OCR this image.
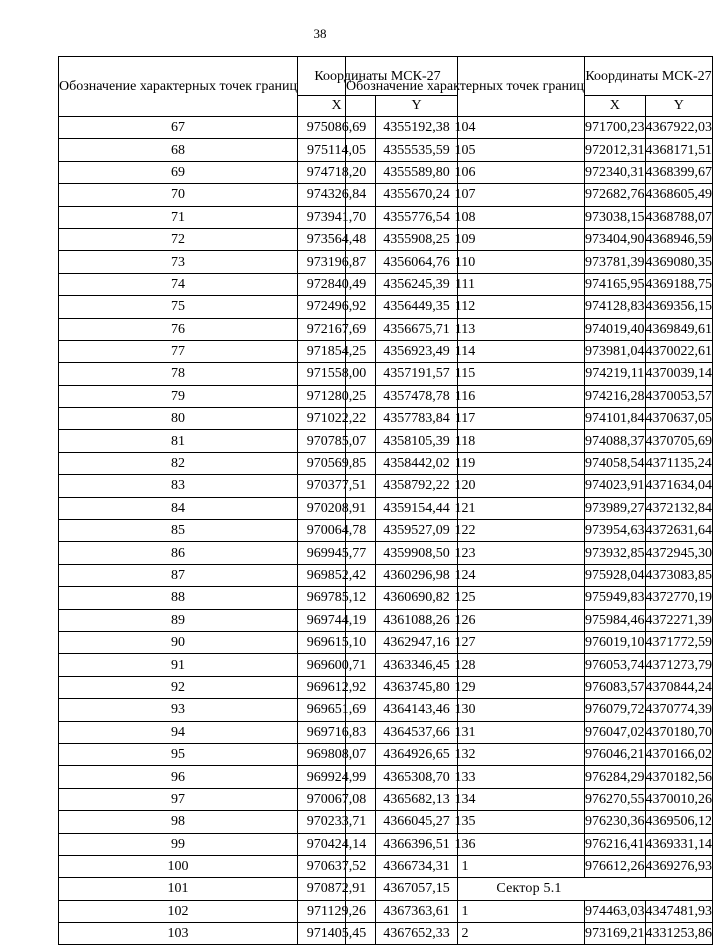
38
Обозначение характерных точек границ	Координаты МСК-27	
	X	Y
67	975086,69	4355192,38
68	975114,05	4355535,59
69	974718,20	4355589,80
70	974326,84	4355670,24
71	973941,70	4355776,54
72	973564,48	4355908,25
73	973196,87	4356064,76
74	972840,49	4356245,39
75	972496,92	4356449,35
76	972167,69	4356675,71
77	971854,25	4356923,49
78	971558,00	4357191,57
79	971280,25	4357478,78
80	971022,22	4357783,84
81	970785,07	4358105,39
82	970569,85	4358442,02
83	970377,51	4358792,22
84	970208,91	4359154,44
85	970064,78	4359527,09
86	969945,77	4359908,50
87	969852,42	4360296,98
88	969785,12	4360690,82
89	969744,19	4361088,26
90	969615,10	4362947,16
91	969600,71	4363346,45
92	969612,92	4363745,80
93	969651,69	4364143,46
94	969716,83	4364537,66
95	969808,07	4364926,65
96	969924,99	4365308,70
97	970067,08	4365682,13
98	970233,71	4366045,27
99	970424,14	4366396,51
100	970637,52	4366734,31
101	970872,91	4367057,15
102	971129,26	4367363,61
103	971405,45	4367652,33
Обозначение характерных точек границ	Координаты МСК-27	
	X	Y
104	971700,23	4367922,03
105	972012,31	4368171,51
106	972340,31	4368399,67
107	972682,76	4368605,49
108	973038,15	4368788,07
109	973404,90	4368946,59
110	973781,39	4369080,35
111	974165,95	4369188,75
112	974128,83	4369356,15
113	974019,40	4369849,61
114	973981,04	4370022,61
115	974219,11	4370039,14
116	974216,28	4370053,57
117	974101,84	4370637,05
118	974088,37	4370705,69
119	974058,54	4371135,24
120	974023,91	4371634,04
121	973989,27	4372132,84
122	973954,63	4372631,64
123	973932,85	4372945,30
124	975928,04	4373083,85
125	975949,83	4372770,19
126	975984,46	4372271,39
127	976019,10	4371772,59
128	976053,74	4371273,79
129	976083,57	4370844,24
130	976079,72	4370774,39
131	976047,02	4370180,70
132	976046,21	4370166,02
133	976284,29	4370182,56
134	976270,55	4370010,26
135	976230,36	4369506,12
136	976216,41	4369331,14
1	976612,26	4369276,93
Сектор 5.1		
1	974463,03	4347481,93
2	973169,21	4331253,86
